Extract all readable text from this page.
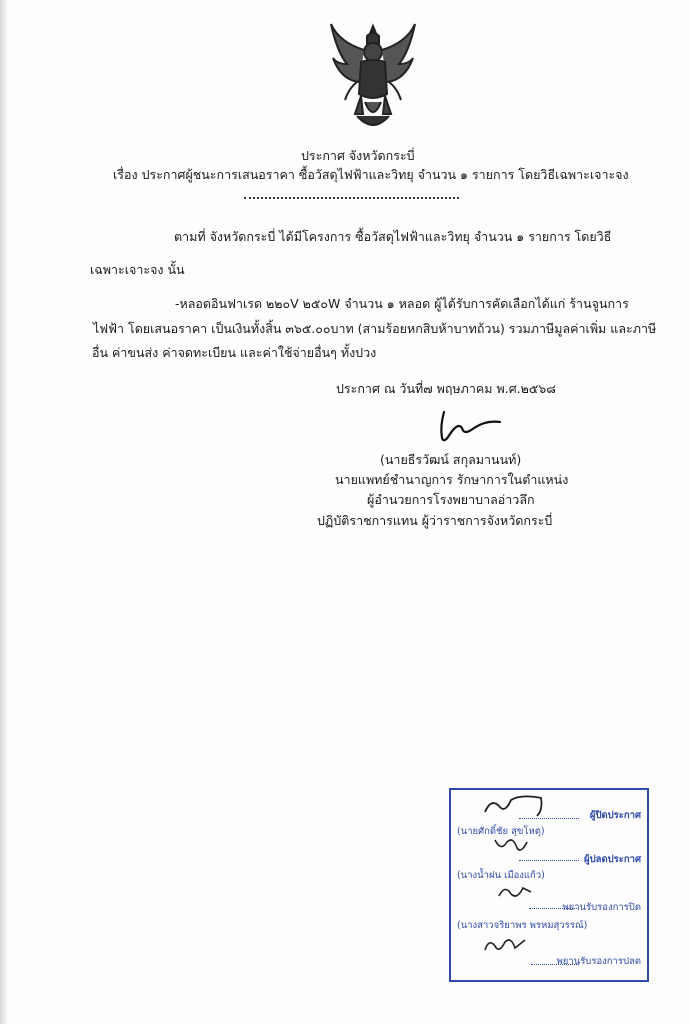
ประกาศ จังหวัดกระบี่
เรื่อง ประกาศผู้ชนะการเสนอราคา ซื้อวัสดุไฟฟ้าและวิทยุ จำนวน ๑ รายการ โดยวิธีเฉพาะเจาะจง
ตามที่ จังหวัดกระบี่ ได้มีโครงการ ซื้อวัสดุไฟฟ้าและวิทยุ จำนวน ๑ รายการ โดยวิธี
เฉพาะเจาะจง นั้น
-หลอดอินฟาเรด ๒๒๐V ๒๕๐W จำนวน ๑ หลอด ผู้ได้รับการคัดเลือกได้แก่ ร้านจูนการ
ไฟฟ้า โดยเสนอราคา เป็นเงินทั้งสิ้น ๓๖๕.๐๐บาท (สามร้อยหกสิบห้าบาทถ้วน) รวมภาษีมูลค่าเพิ่ม และภาษี
อื่น ค่าขนส่ง ค่าจดทะเบียน และค่าใช้จ่ายอื่นๆ ทั้งปวง
ประกาศ ณ วันที่๗ พฤษภาคม พ.ศ.๒๕๖๘
(นายธีรวัฒน์ สกุลมานนท์)
นายแพทย์ชำนาญการ รักษาการในตำแหน่ง
ผู้อำนวยการโรงพยาบาลอ่าวลึก
ปฏิบัติราชการแทน ผู้ว่าราชการจังหวัดกระบี่
ผู้ปิดประกาศ
(นายศักดิ์ชัย สุขโหตุ)
ผู้ปลดประกาศ
(นางน้ำฝน เมืองแก้ว)
พยานรับรองการปิด
(นางสาวจริยาพร พรหมสุวรรณ์)
พยานรับรองการปลด
